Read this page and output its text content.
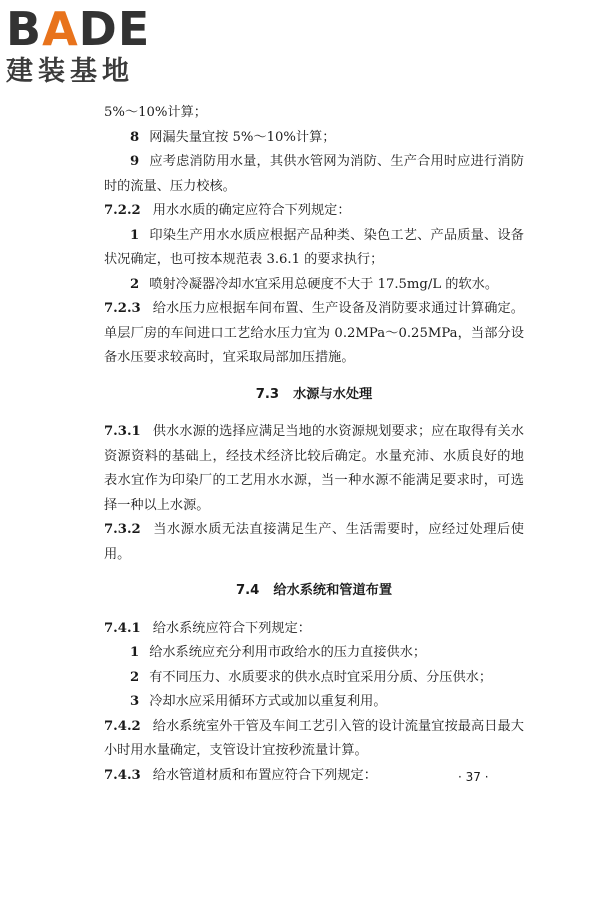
BADE
建装基地

5%～10%计算；

8 网漏失量宜按 5%～10%计算；

9 应考虑消防用水量，其供水管网为消防、生产合用时应进行消防时的流量、压力校核。

7.2.2 用水水质的确定应符合下列规定：

1 印染生产用水水质应根据产品种类、染色工艺、产品质量、设备状况确定，也可按本规范表 3.6.1 的要求执行；

2 喷射冷凝器冷却水宜采用总硬度不大于 17.5mg/L 的软水。

7.2.3 给水压力应根据车间布置、生产设备及消防要求通过计算确定。单层厂房的车间进口工艺给水压力宜为 0.2MPa～0.25MPa，当部分设备水压要求较高时，宜采取局部加压措施。

7.3 水源与水处理

7.3.1 供水水源的选择应满足当地的水资源规划要求；应在取得有关水资源资料的基础上，经技术经济比较后确定。水量充沛、水质良好的地表水宜作为印染厂的工艺用水水源，当一种水源不能满足要求时，可选择一种以上水源。

7.3.2 当水源水质无法直接满足生产、生活需要时，应经过处理后使用。

7.4 给水系统和管道布置

7.4.1 给水系统应符合下列规定：

1 给水系统应充分利用市政给水的压力直接供水；

2 有不同压力、水质要求的供水点时宜采用分质、分压供水；

3 冷却水应采用循环方式或加以重复利用。

7.4.2 给水系统室外干管及车间工艺引入管的设计流量宜按最高日最大小时用水量确定，支管设计宜按秒流量计算。

7.4.3 给水管道材质和布置应符合下列规定：	· 37 ·
